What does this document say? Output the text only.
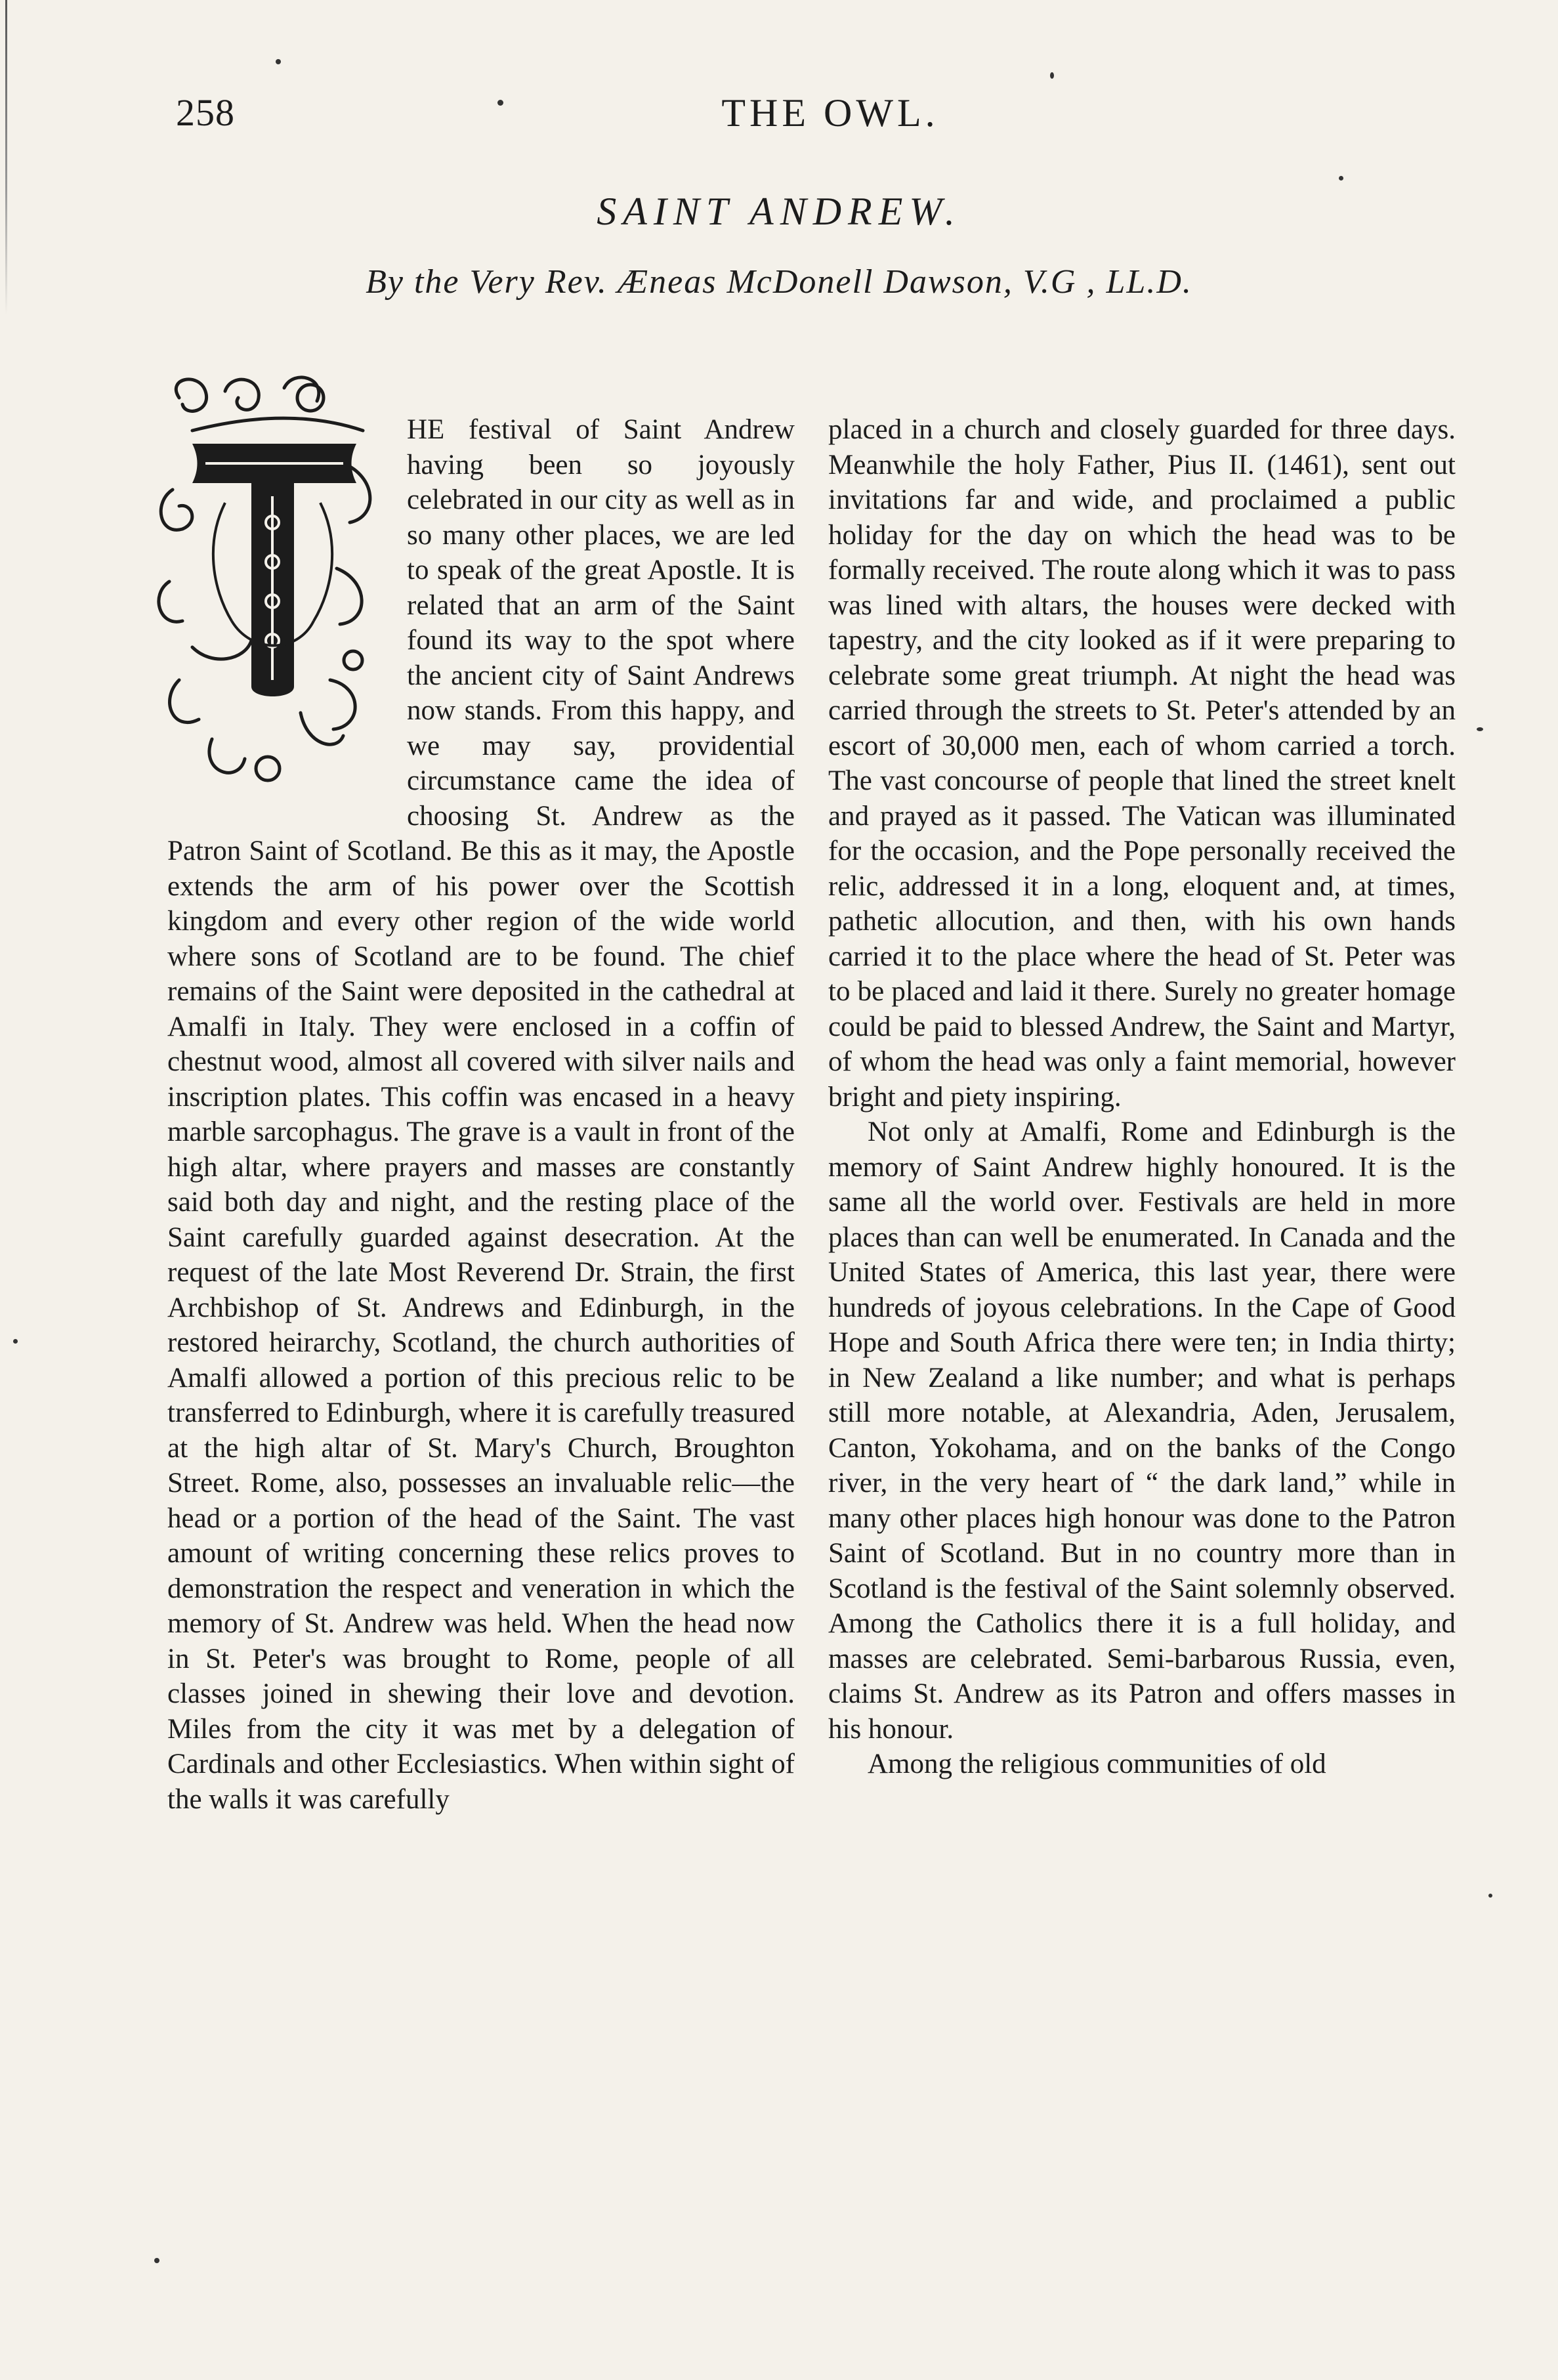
258	THE OWL.
SAINT ANDREW.
By the Very Rev. Æneas McDonell Dawson, V.G , LL.D.

HE festival of Saint Andrew having been so joyously celebrated in our city as well as in so many other places, we are led to speak of the great Apostle. It is related that an arm of the Saint found its way to the spot where the ancient city of Saint Andrews now stands. From this happy, and we may say, providential circumstance came the idea of choosing St. Andrew as the Patron Saint of Scotland. Be this as it may, the Apostle extends the arm of his power over the Scottish kingdom and every other region of the wide world where sons of Scotland are to be found. The chief remains of the Saint were deposited in the cathedral at Amalfi in Italy. They were enclosed in a coffin of chestnut wood, almost all covered with silver nails and inscription plates. This coffin was encased in a heavy marble sarcophagus. The grave is a vault in front of the high altar, where prayers and masses are constantly said both day and night, and the resting place of the Saint carefully guarded against desecration. At the request of the late Most Reverend Dr. Strain, the first Archbishop of St. Andrews and Edinburgh, in the restored heirarchy, Scotland, the church authorities of Amalfi allowed a portion of this precious relic to be transferred to Edinburgh, where it is carefully treasured at the high altar of St. Mary's Church, Broughton Street. Rome, also, possesses an invaluable relic—the head or a portion of the head of the Saint. The vast amount of writing concerning these relics proves to demonstration the respect and veneration in which the memory of St. Andrew was held. When the head now in St. Peter's was brought to Rome, people of all classes joined in shewing their love and devotion. Miles from the city it was met by a delegation of Cardinals and other Ecclesiastics. When within sight of the walls it was carefully

placed in a church and closely guarded for three days. Meanwhile the holy Father, Pius II. (1461), sent out invitations far and wide, and proclaimed a public holiday for the day on which the head was to be formally received. The route along which it was to pass was lined with altars, the houses were decked with tapestry, and the city looked as if it were preparing to celebrate some great triumph. At night the head was carried through the streets to St. Peter's attended by an escort of 30,000 men, each of whom carried a torch. The vast concourse of people that lined the street knelt and prayed as it passed. The Vatican was illuminated for the occasion, and the Pope personally received the relic, addressed it in a long, eloquent and, at times, pathetic allocution, and then, with his own hands carried it to the place where the head of St. Peter was to be placed and laid it there. Surely no greater homage could be paid to blessed Andrew, the Saint and Martyr, of whom the head was only a faint memorial, however bright and piety inspiring.

Not only at Amalfi, Rome and Edinburgh is the memory of Saint Andrew highly honoured. It is the same all the world over. Festivals are held in more places than can well be enumerated. In Canada and the United States of America, this last year, there were hundreds of joyous celebrations. In the Cape of Good Hope and South Africa there were ten; in India thirty; in New Zealand a like number; and what is perhaps still more notable, at Alexandria, Aden, Jerusalem, Canton, Yokohama, and on the banks of the Congo river, in the very heart of “ the dark land,” while in many other places high honour was done to the Patron Saint of Scotland. But in no country more than in Scotland is the festival of the Saint solemnly observed. Among the Catholics there it is a full holiday, and masses are celebrated. Semi-barbarous Russia, even, claims St. Andrew as its Patron and offers masses in his honour.

Among the religious communities of old
